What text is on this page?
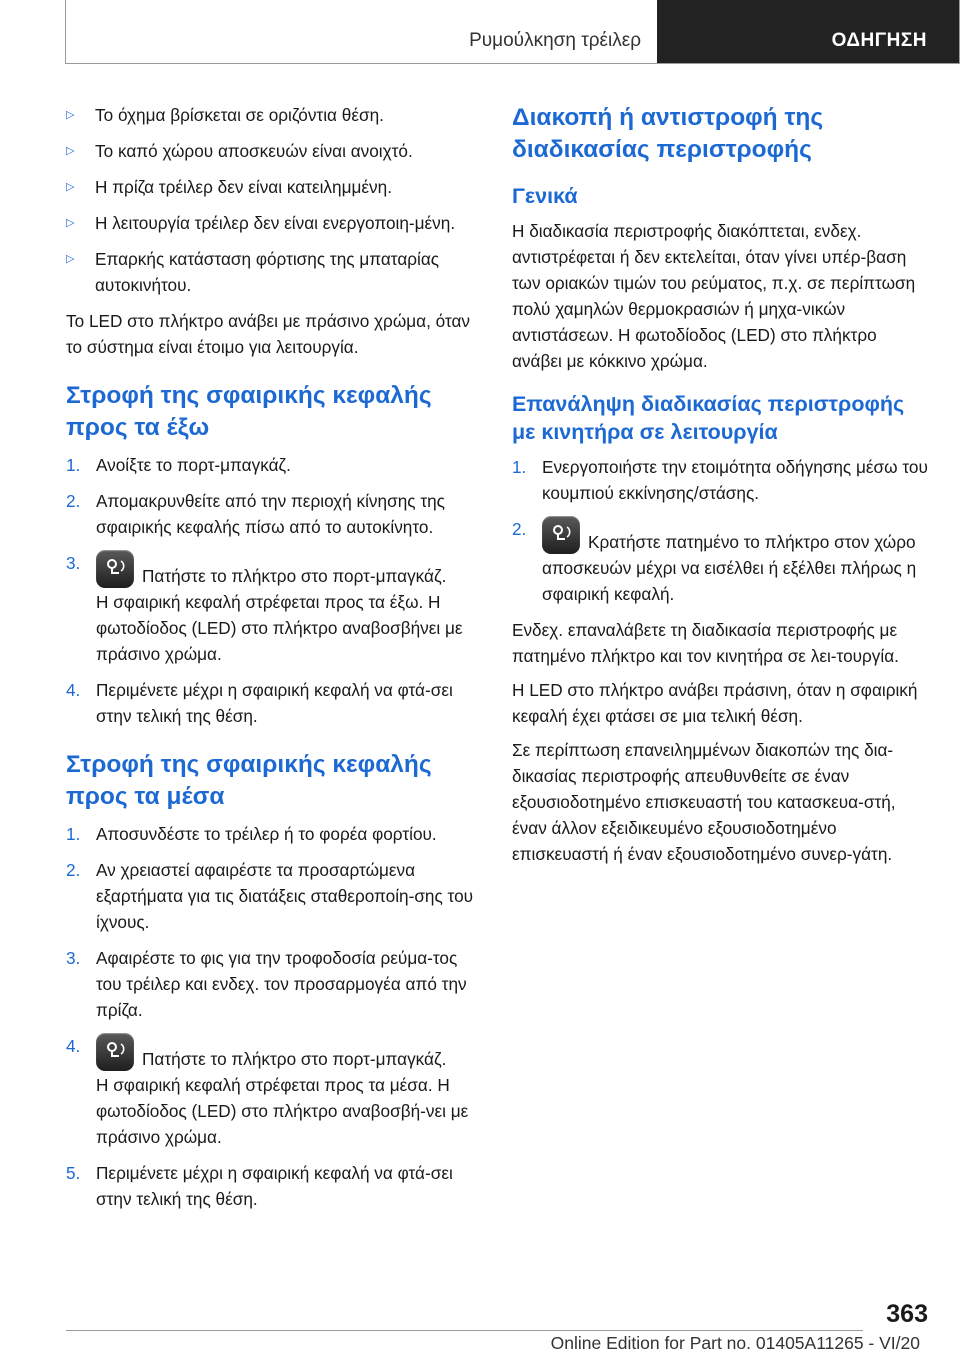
Ρυμούλκηση τρέιλερ	ΟΔΗΓΗΣΗ
▷	Το όχημα βρίσκεται σε οριζόντια θέση.
▷	Το καπό χώρου αποσκευών είναι ανοιχτό.
▷	Η πρίζα τρέιλερ δεν είναι κατειλημμένη.
▷	Η λειτουργία τρέιλερ δεν είναι ενεργοποιη‐μένη.
▷	Επαρκής κατάσταση φόρτισης της μπαταρίας αυτοκινήτου.

Το LED στο πλήκτρο ανάβει με πράσινο χρώμα, όταν το σύστημα είναι έτοιμο για λειτουργία.

Στροφή της σφαιρικής κεφαλής προς τα έξω
1. Ανοίξτε το πορτ-μπαγκάζ.
2. Απομακρυνθείτε από την περιοχή κίνησης της σφαιρικής κεφαλής πίσω από το αυτοκίνητο.
3.
Πατήστε το πλήκτρο στο πορτ-μπαγκάζ.
Η σφαιρική κεφαλή στρέφεται προς τα έξω. Η φωτοδίοδος (LED) στο πλήκτρο αναβοσβήνει με πράσινο χρώμα.
4. Περιμένετε μέχρι η σφαιρική κεφαλή να φτά‐σει στην τελική της θέση.
Στροφή της σφαιρικής κεφαλής προς τα μέσα
1. Αποσυνδέστε το τρέιλερ ή το φορέα φορτίου.
2. Αν χρειαστεί αφαιρέστε τα προσαρτώμενα εξαρτήματα για τις διατάξεις σταθεροποίη‐σης του ίχνους.
3. Αφαιρέστε το φις για την τροφοδοσία ρεύμα‐τος του τρέιλερ και ενδεχ. τον προσαρμογέα από την πρίζα.
4.
Πατήστε το πλήκτρο στο πορτ-μπαγκάζ.
Η σφαιρική κεφαλή στρέφεται προς τα μέσα. Η φωτοδίοδος (LED) στο πλήκτρο αναβοσβή‐νει με πράσινο χρώμα.
5. Περιμένετε μέχρι η σφαιρική κεφαλή να φτά‐σει στην τελική της θέση.
Διακοπή ή αντιστροφή της διαδικασίας περιστροφής
Γενικά

Η διαδικασία περιστροφής διακόπτεται, ενδεχ. αντιστρέφεται ή δεν εκτελείται, όταν γίνει υπέρ‐βαση των οριακών τιμών του ρεύματος, π.χ. σε περίπτωση πολύ χαμηλών θερμοκρασιών ή μηχα‐νικών αντιστάσεων. Η φωτοδίοδος (LED) στο πλήκτρο ανάβει με κόκκινο χρώμα.

Επανάληψη διαδικασίας περιστροφής με κινητήρα σε λειτουργία
1. Ενεργοποιήστε την ετοιμότητα οδήγησης μέσω του κουμπιού εκκίνησης/στάσης.
2.
Κρατήστε πατημένο το πλήκτρο στον χώρο αποσκευών μέχρι να εισέλθει ή εξέλθει πλήρως η σφαιρική κεφαλή.

Ενδεχ. επαναλάβετε τη διαδικασία περιστροφής με πατημένο πλήκτρο και τον κινητήρα σε λει‐τουργία.

Η LED στο πλήκτρο ανάβει πράσινη, όταν η σφαιρική κεφαλή έχει φτάσει σε μια τελική θέση.

Σε περίπτωση επανειλημμένων διακοπών της δια‐δικασίας περιστροφής απευθυνθείτε σε έναν εξουσιοδοτημένο επισκευαστή του κατασκευα‐στή, έναν άλλον εξειδικευμένο εξουσιοδοτημένο επισκευαστή ή έναν εξουσιοδοτημένο συνερ‐γάτη.

363
Online Edition for Part no. 01405A11265 - VI/20
